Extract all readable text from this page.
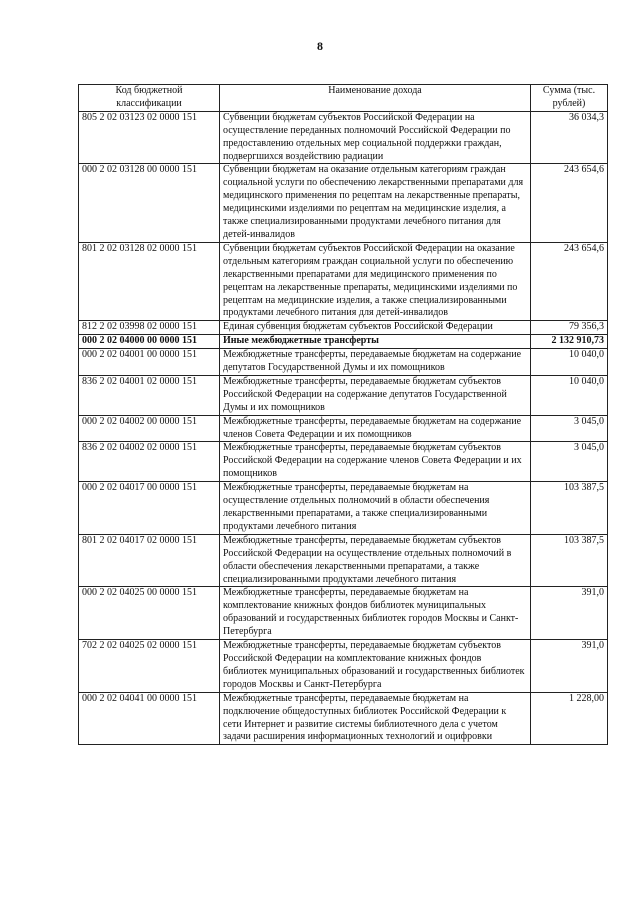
8
Код бюджетной классификации	Наименование дохода	Сумма (тыс. рублей)
805 2 02 03123 02 0000 151	Субвенции бюджетам субъектов Российской Федерации на осуществление переданных полномочий Российской Федерации по предоставлению отдельных мер социальной поддержки граждан, подвергшихся воздействию радиации	36 034,3
000 2 02 03128 00 0000 151	Субвенции бюджетам на оказание отдельным категориям граждан социальной услуги по обеспечению лекарственными препаратами для медицинского применения по рецептам на лекарственные препараты, медицинскими изделиями по рецептам на медицинские изделия, а также специализированными продуктами лечебного питания для детей-инвалидов	243 654,6
801 2 02 03128 02 0000 151	Субвенции бюджетам субъектов Российской Федерации на оказание отдельным категориям граждан социальной услуги по обеспечению лекарственными препаратами для медицинского применения по рецептам на лекарственные препараты, медицинскими изделиями по рецептам на медицинские изделия, а также специализированными продуктами лечебного питания для детей-инвалидов	243 654,6
812 2 02 03998 02 0000 151	Единая субвенция бюджетам субъектов Российской Федерации	79 356,3
000 2 02 04000 00 0000 151	Иные межбюджетные трансферты	2 132 910,73
000 2 02 04001 00 0000 151	Межбюджетные трансферты, передаваемые бюджетам на содержание депутатов Государственной Думы и их помощников	10 040,0
836 2 02 04001 02 0000 151	Межбюджетные трансферты, передаваемые бюджетам субъектов Российской Федерации на содержание депутатов Государственной Думы и их помощников	10 040,0
000 2 02 04002 00 0000 151	Межбюджетные трансферты, передаваемые бюджетам на содержание членов Совета Федерации и их помощников	3 045,0
836 2 02 04002 02 0000 151	Межбюджетные трансферты, передаваемые бюджетам субъектов Российской Федерации на содержание членов Совета Федерации и их помощников	3 045,0
000 2 02 04017 00 0000 151	Межбюджетные трансферты, передаваемые бюджетам на осуществление отдельных полномочий в области обеспечения лекарственными препаратами, а также специализированными продуктами лечебного питания	103 387,5
801 2 02 04017 02 0000 151	Межбюджетные трансферты, передаваемые бюджетам субъектов Российской Федерации на осуществление отдельных полномочий в области обеспечения лекарственными препаратами, а также специализированными продуктами лечебного питания	103 387,5
000 2 02 04025 00 0000 151	Межбюджетные трансферты, передаваемые бюджетам на комплектование книжных фондов библиотек муниципальных образований и государственных библиотек городов Москвы и Санкт-Петербурга	391,0
702 2 02 04025 02 0000 151	Межбюджетные трансферты, передаваемые бюджетам субъектов Российской Федерации на комплектование книжных фондов библиотек муниципальных образований и государственных библиотек городов Москвы и Санкт-Петербурга	391,0
000 2 02 04041 00 0000 151	Межбюджетные трансферты, передаваемые бюджетам на подключение общедоступных библиотек Российской Федерации к сети Интернет и развитие системы библиотечного дела с учетом задачи расширения информационных технологий и оцифровки	1 228,00
